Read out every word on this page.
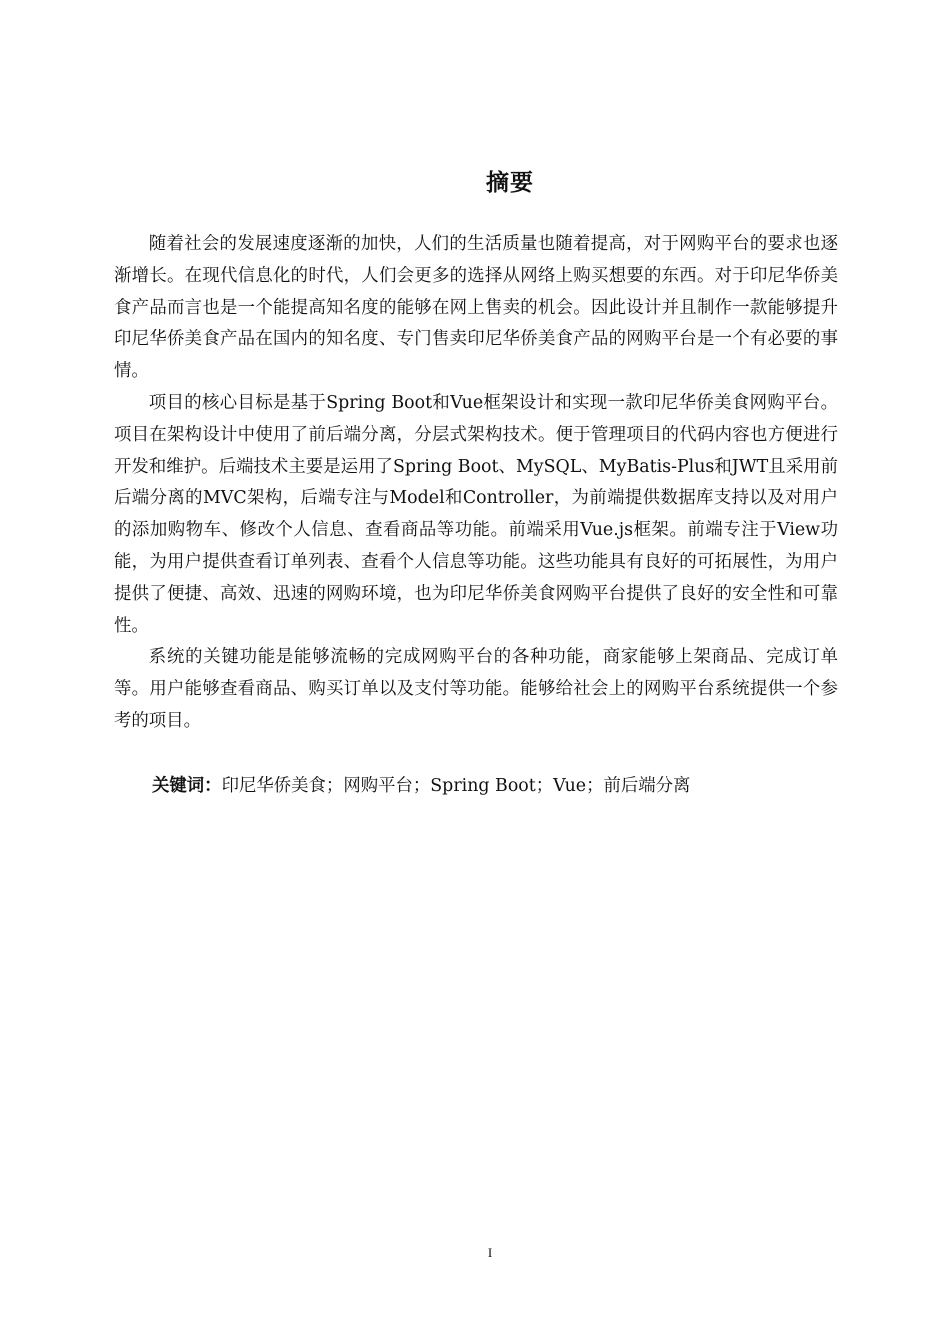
摘要

随着社会的发展速度逐渐的加快，人们的生活质量也随着提高，对于网购平台的要求也逐渐增长。在现代信息化的时代，人们会更多的选择从网络上购买想要的东西。对于印尼华侨美食产品而言也是一个能提高知名度的能够在网上售卖的机会。因此设计并且制作一款能够提升印尼华侨美食产品在国内的知名度、专门售卖印尼华侨美食产品的网购平台是一个有必要的事情。

项目的核心目标是基于Spring Boot和Vue框架设计和实现一款印尼华侨美食网购平台。项目在架构设计中使用了前后端分离，分层式架构技术。便于管理项目的代码内容也方便进行开发和维护。后端技术主要是运用了Spring Boot、MySQL、MyBatis-Plus和JWT且采用前后端分离的MVC架构，后端专注与Model和Controller，为前端提供数据库支持以及对用户的添加购物车、修改个人信息、查看商品等功能。前端采用Vue.js框架。前端专注于View功能，为用户提供查看订单列表、查看个人信息等功能。这些功能具有良好的可拓展性，为用户提供了便捷、高效、迅速的网购环境，也为印尼华侨美食网购平台提供了良好的安全性和可靠性。

系统的关键功能是能够流畅的完成网购平台的各种功能，商家能够上架商品、完成订单等。用户能够查看商品、购买订单以及支付等功能。能够给社会上的网购平台系统提供一个参考的项目。

关键词：印尼华侨美食；网购平台；Spring Boot；Vue；前后端分离
I
